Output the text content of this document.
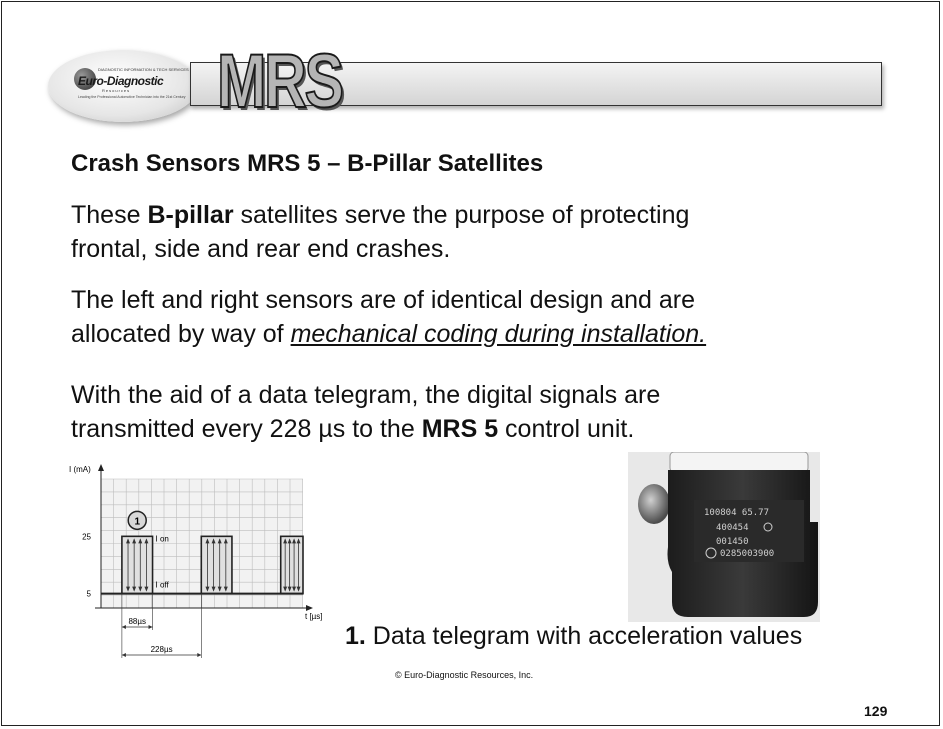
DIAGNOSTIC INFORMATION & TECH SERVICES
Euro-Diagnostic
Resources
Leading the Professional Automotive Technician into the 21st Century MRS
Crash Sensors MRS 5 – B-Pillar Satellites
These B-pillar satellites serve the purpose of protecting
frontal, side and rear end crashes.
The left and right sensors are of identical design and are
allocated by way of mechanical coding during installation.
With the aid of a data telegram, the digital signals are
transmitted every 228 µs to the MRS 5 control unit.
I (mA)
t [µs]
25
5
I on
I off
1
88µs
228µs
100804 65.77
400454
001450
0285003900
1. Data telegram with acceleration values
© Euro-Diagnostic Resources, Inc.
129
